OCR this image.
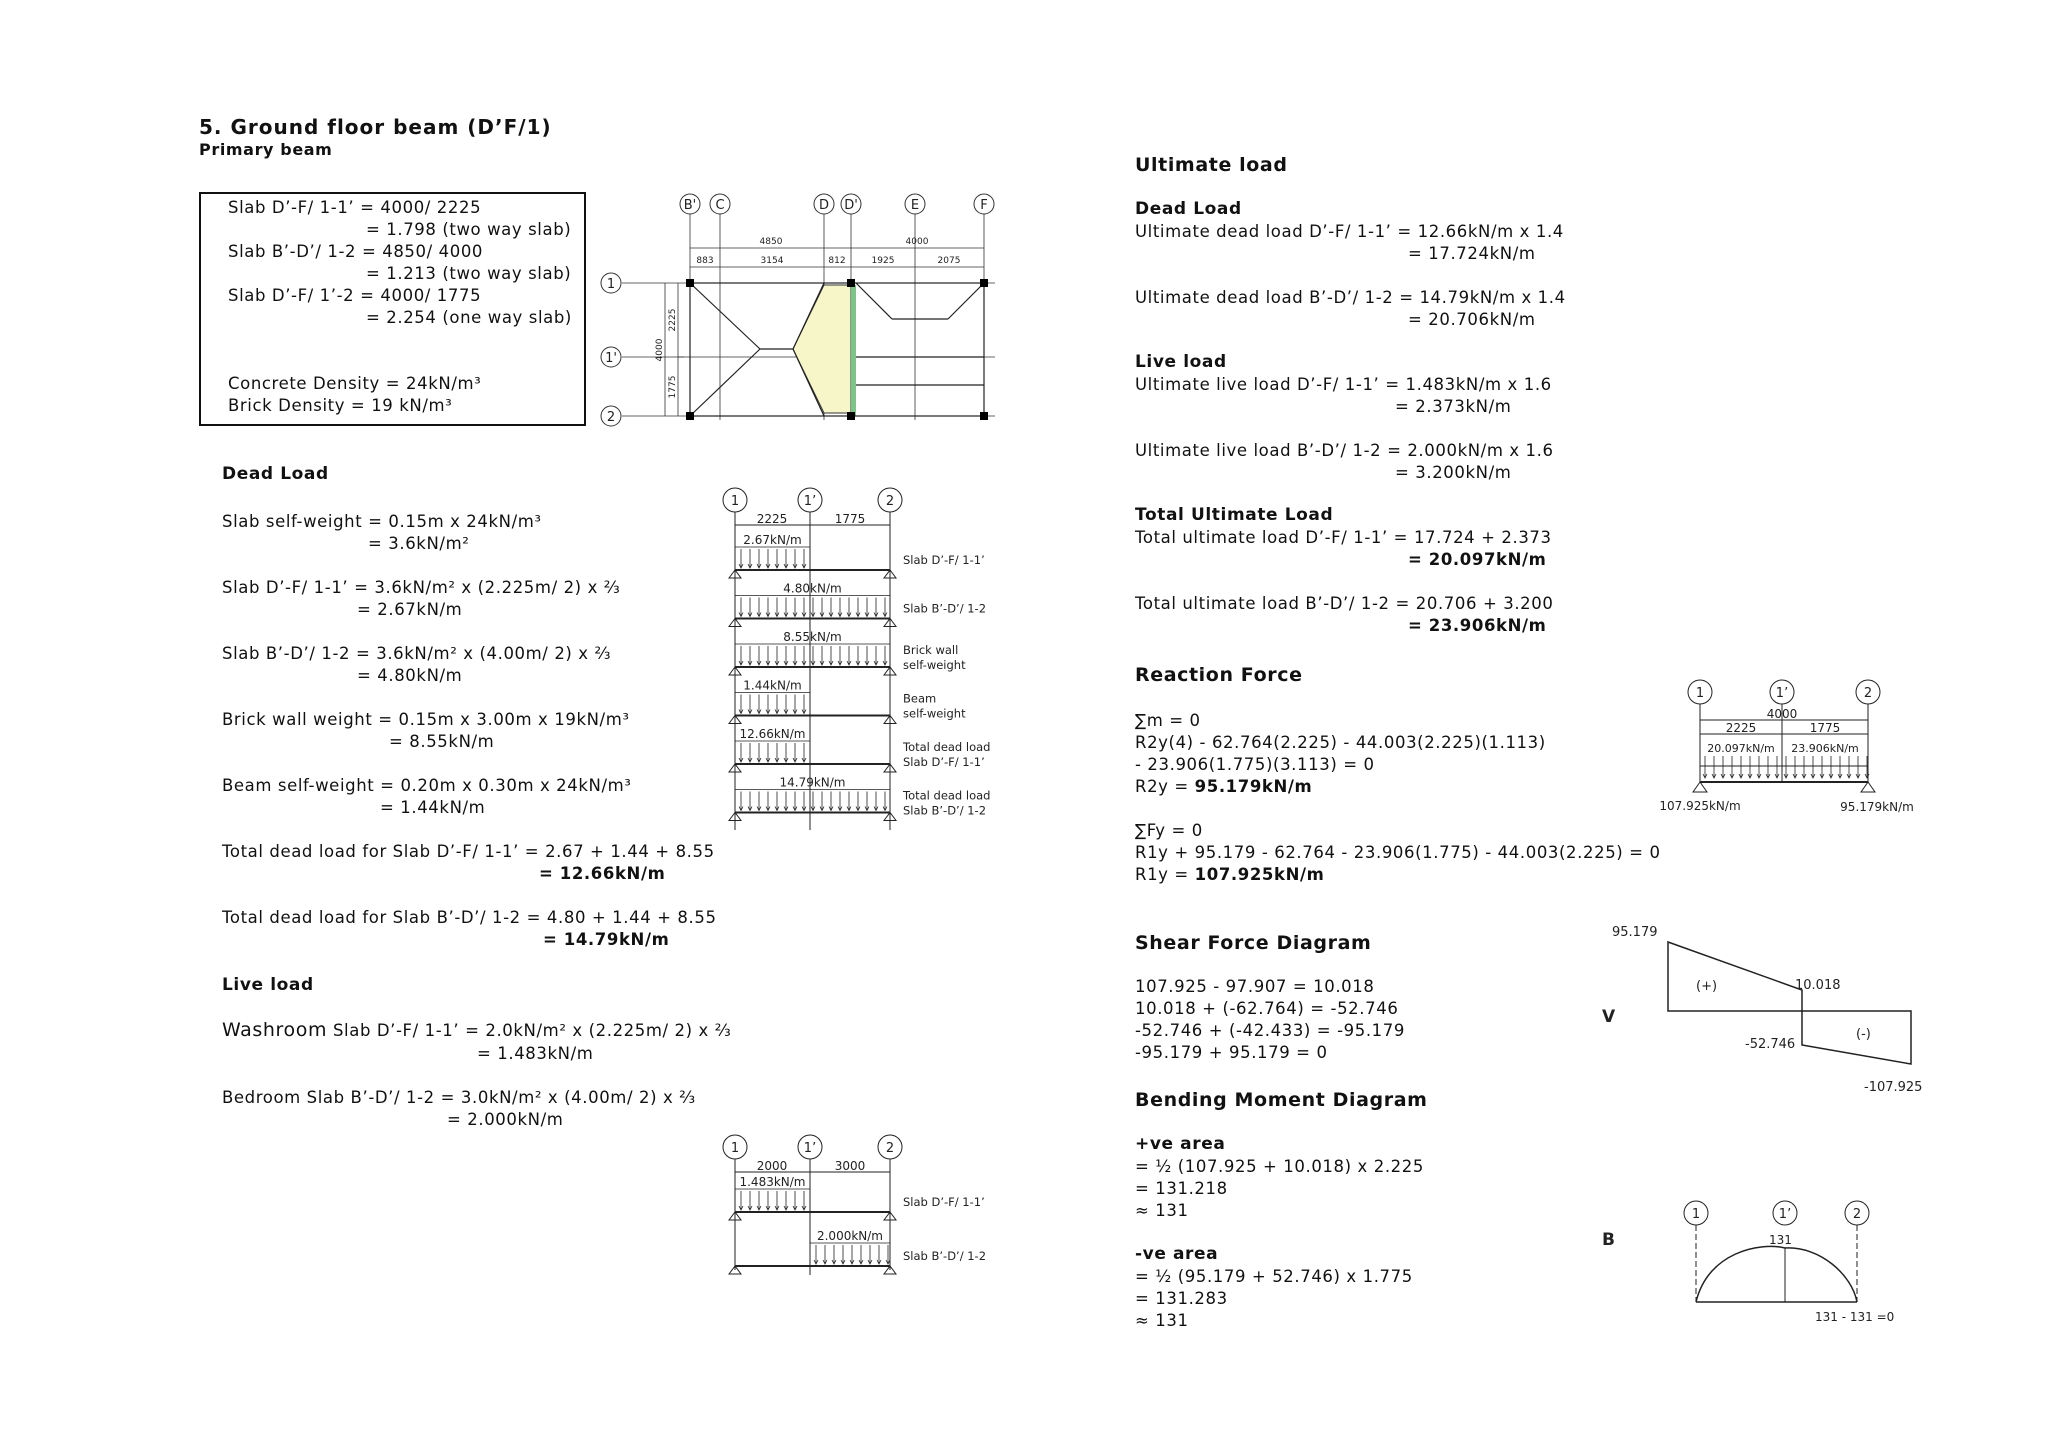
5. Ground floor beam (D’F/1)
Primary beam
Slab D’-F/ 1-1’ = 4000/ 2225
= 1.798 (two way slab)
Slab B’-D’/ 1-2 = 4850/ 4000
= 1.213 (two way slab)
Slab D’-F/ 1’-2 = 4000/ 1775
= 2.254 (one way slab)
Concrete Density = 24kN/m³
Brick Density = 19 kN/m³
4850	4000
883	3154	812	1925	2075
2225
1775
4000
B' C	D D'	E	F
1
1'
2
Dead Load
Slab self-weight = 0.15m x 24kN/m³
= 3.6kN/m²
Slab D’-F/ 1-1’ = 3.6kN/m² x (2.225m/ 2) x ⅔
= 2.67kN/m
Slab B’-D’/ 1-2 = 3.6kN/m² x (4.00m/ 2) x ⅔
= 4.80kN/m
Brick wall weight = 0.15m x 3.00m x 19kN/m³
= 8.55kN/m
Beam self-weight = 0.20m x 0.30m x 24kN/m³
= 1.44kN/m
Total dead load for Slab D’-F/ 1-1’ = 2.67 + 1.44 + 8.55
= 12.66kN/m
Total dead load for Slab B’-D’/ 1-2 = 4.80 + 1.44 + 8.55
= 14.79kN/m
Live load
Washroom Slab D’-F/ 1-1’ = 2.0kN/m² x (2.225m/ 2) x ⅔
= 1.483kN/m
Bedroom Slab B’-D’/ 1-2 = 3.0kN/m² x (4.00m/ 2) x ⅔
= 2.000kN/m
1	1’	2
2225	1775
2.67kN/m
Slab D’-F/ 1-1’
4.80kN/m
Slab B’-D’/ 1-2
8.55kN/m
Brick wall
self-weight
1.44kN/m
Beam
self-weight
12.66kN/m
Total dead load
Slab D’-F/ 1-1’
14.79kN/m
Total dead load
Slab B’-D’/ 1-2
1	1’	2
2000	3000
1.483kN/m
Slab D’-F/ 1-1’
2.000kN/m
Slab B’-D’/ 1-2
Ultimate load
Dead Load
Ultimate dead load D’-F/ 1-1’ = 12.66kN/m x 1.4
= 17.724kN/m
Ultimate dead load B’-D’/ 1-2 = 14.79kN/m x 1.4
= 20.706kN/m
Live load
Ultimate live load D’-F/ 1-1’ = 1.483kN/m x 1.6
= 2.373kN/m
Ultimate live load B’-D’/ 1-2 = 2.000kN/m x 1.6
= 3.200kN/m
Total Ultimate Load
Total ultimate load D’-F/ 1-1’ = 17.724 + 2.373
= 20.097kN/m
Total ultimate load B’-D’/ 1-2 = 20.706 + 3.200
= 23.906kN/m
Reaction Force
∑m = 0
R2y(4) - 62.764(2.225) - 44.003(2.225)(1.113)
- 23.906(1.775)(3.113) = 0
R2y = 95.179kN/m
∑Fy = 0
R1y + 95.179 - 62.764 - 23.906(1.775) - 44.003(2.225) = 0
R1y = 107.925kN/m
1	1’	2
4000
2225	1775
20.097kN/m 23.906kN/m
107.925kN/m	95.179kN/m
Shear Force Diagram
107.925 - 97.907 = 10.018
10.018 + (-62.764) = -52.746
-52.746 + (-42.433) = -95.179
-95.179 + 95.179 = 0
V
95.179
10.018
-52.746
-107.925
(+)
(-)
Bending Moment Diagram
+ve area
= ½ (107.925 + 10.018) x 2.225
= 131.218
≈ 131
-ve area
= ½ (95.179 + 52.746) x 1.775
= 131.283
≈ 131
B
1	1’	2
131
131 - 131 =0
